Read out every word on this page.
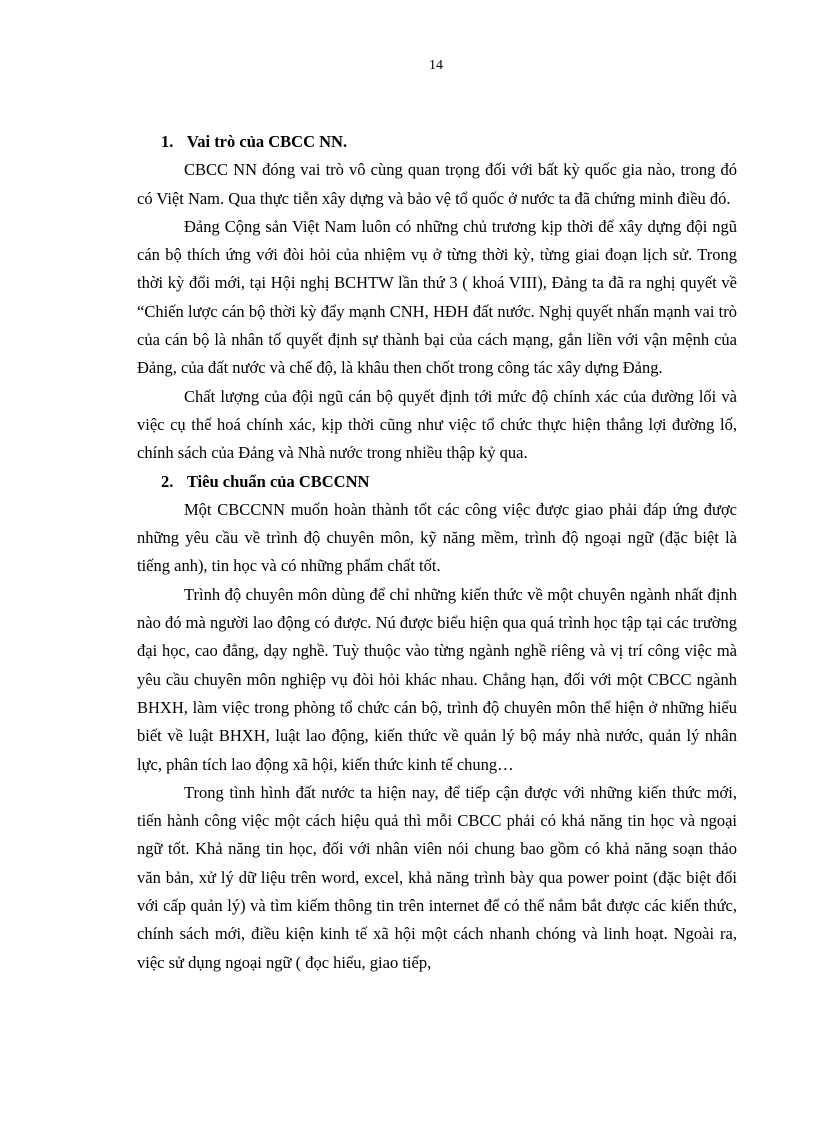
14

1. Vai trò của CBCC NN.

CBCC NN đóng vai trò vô cùng quan trọng đối với bất kỳ quốc gia nào, trong đó có Việt Nam. Qua thực tiễn xây dựng và bảo vệ tổ quốc ở nước ta đã chứng minh điều đó.

Đảng Cộng sản Việt Nam luôn có những chủ trương kịp thời để xây dựng đội ngũ cán bộ thích ứng với đòi hỏi của nhiệm vụ ở từng thời kỳ, từng giai đoạn lịch sử. Trong thời kỳ đổi mới, tại Hội nghị BCHTW lần thứ 3 ( khoá VIII), Đảng ta đã ra nghị quyết về “Chiến lược cán bộ thời kỳ đẩy mạnh CNH, HĐH đất nước. Nghị quyết nhấn mạnh vai trò của cán bộ là nhân tố quyết định sự thành bại của cách mạng, gắn liền với vận mệnh của Đảng, của đất nước và chế độ, là khâu then chốt trong công tác xây dựng Đảng.

Chất lượng của đội ngũ cán bộ quyết định tới mức độ chính xác của đường lối và việc cụ thể hoá chính xác, kịp thời cũng như việc tổ chức thực hiện thắng lợi đường lố, chính sách của Đảng và Nhà nước trong nhiều thập kỷ qua.

2. Tiêu chuẩn của CBCCNN

Một CBCCNN muốn hoàn thành tốt các công việc được giao phải đáp ứng được những yêu cầu về trình độ chuyên môn, kỹ năng mềm, trình độ ngoại ngữ (đặc biệt là tiếng anh), tin học và có những phẩm chất tốt.

Trình độ chuyên môn dùng để chỉ những kiến thức về một chuyên ngành nhất định nào đó mà người lao động có được. Nú được biểu hiện qua quá trình học tập tại các trường đại học, cao đẳng, dạy nghề. Tuỳ thuộc vào từng ngành nghề riêng và vị trí công việc mà yêu cầu chuyên môn nghiệp vụ đòi hỏi khác nhau. Chẳng hạn, đối với một CBCC ngành BHXH, làm việc trong phòng tổ chức cán bộ, trình độ chuyên môn thể hiện ở những hiểu biết về luật BHXH, luật lao động, kiến thức về quản lý bộ máy nhà nước, quản lý nhân lực, phân tích lao động xã hội, kiến thức kinh tế chung…

Trong tình hình đất nước ta hiện nay, để tiếp cận được với những kiến thức mới, tiến hành công việc một cách hiệu quả thì mỗi CBCC phải có khả năng tin học và ngoại ngữ tốt. Khả năng tin học, đối với nhân viên nói chung bao gồm có khả năng soạn thảo văn bản, xử lý dữ liệu trên word, excel, khả năng trình bày qua power point (đặc biệt đối với cấp quản lý) và tìm kiếm thông tin trên internet để có thể nắm bắt được các kiến thức, chính sách mới, điều kiện kinh tế xã hội một cách nhanh chóng và linh hoạt. Ngoài ra, việc sử dụng ngoại ngữ ( đọc hiểu, giao tiếp,
